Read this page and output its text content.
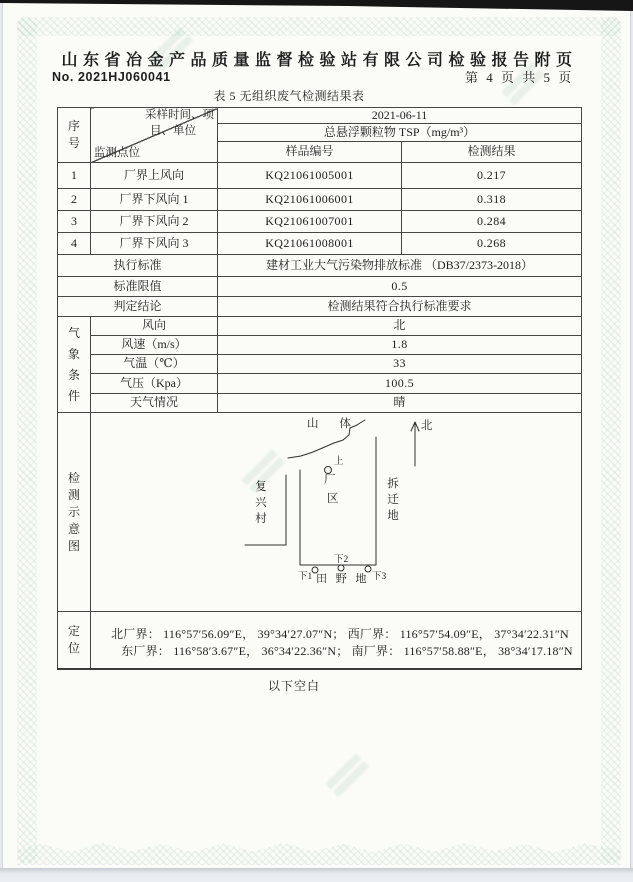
山东省冶金产品质量监督检验站有限公司检验报告附页
No. 2021HJ060041	第 4 页 共 5 页
表 5 无组织废气检测结果表
以下空白
序号	采样时间、项
目、单位
监测点位	2021-06-11	
		总悬浮颗粒物 TSP（mg/m³）	
		样品编号	检测结果
1	厂界上风向	KQ21061005001	0.217
2	厂界下风向 1	KQ21061006001	0.318
3	厂界下风向 2	KQ21061007001	0.284
4	厂界下风向 3	KQ21061008001	0.268
执行标准		建材工业大气污染物排放标准 （DB37/2373-2018）	
标准限值		0.5	
判定结论		检测结果符合执行标准要求	
气象条件	风向	北	
	风速（m/s）	1.8	
	气温（℃）	33	
	气压（Kpa）	100.5	
	天气情况	晴	
检测示意图	
山 体	北
上
厂
区
复兴村
拆迁地
下2
下1	下3
田 野 地

定位	北厂界： 116°57′56.09″E， 39°34′27.07″N； 西厂界： 116°57′54.09″E， 37°34′22.31″N
东厂界： 116°58′3.67″E， 36°34′22.36″N； 南厂界： 116°57′58.88″E， 38°34′17.18″N		
